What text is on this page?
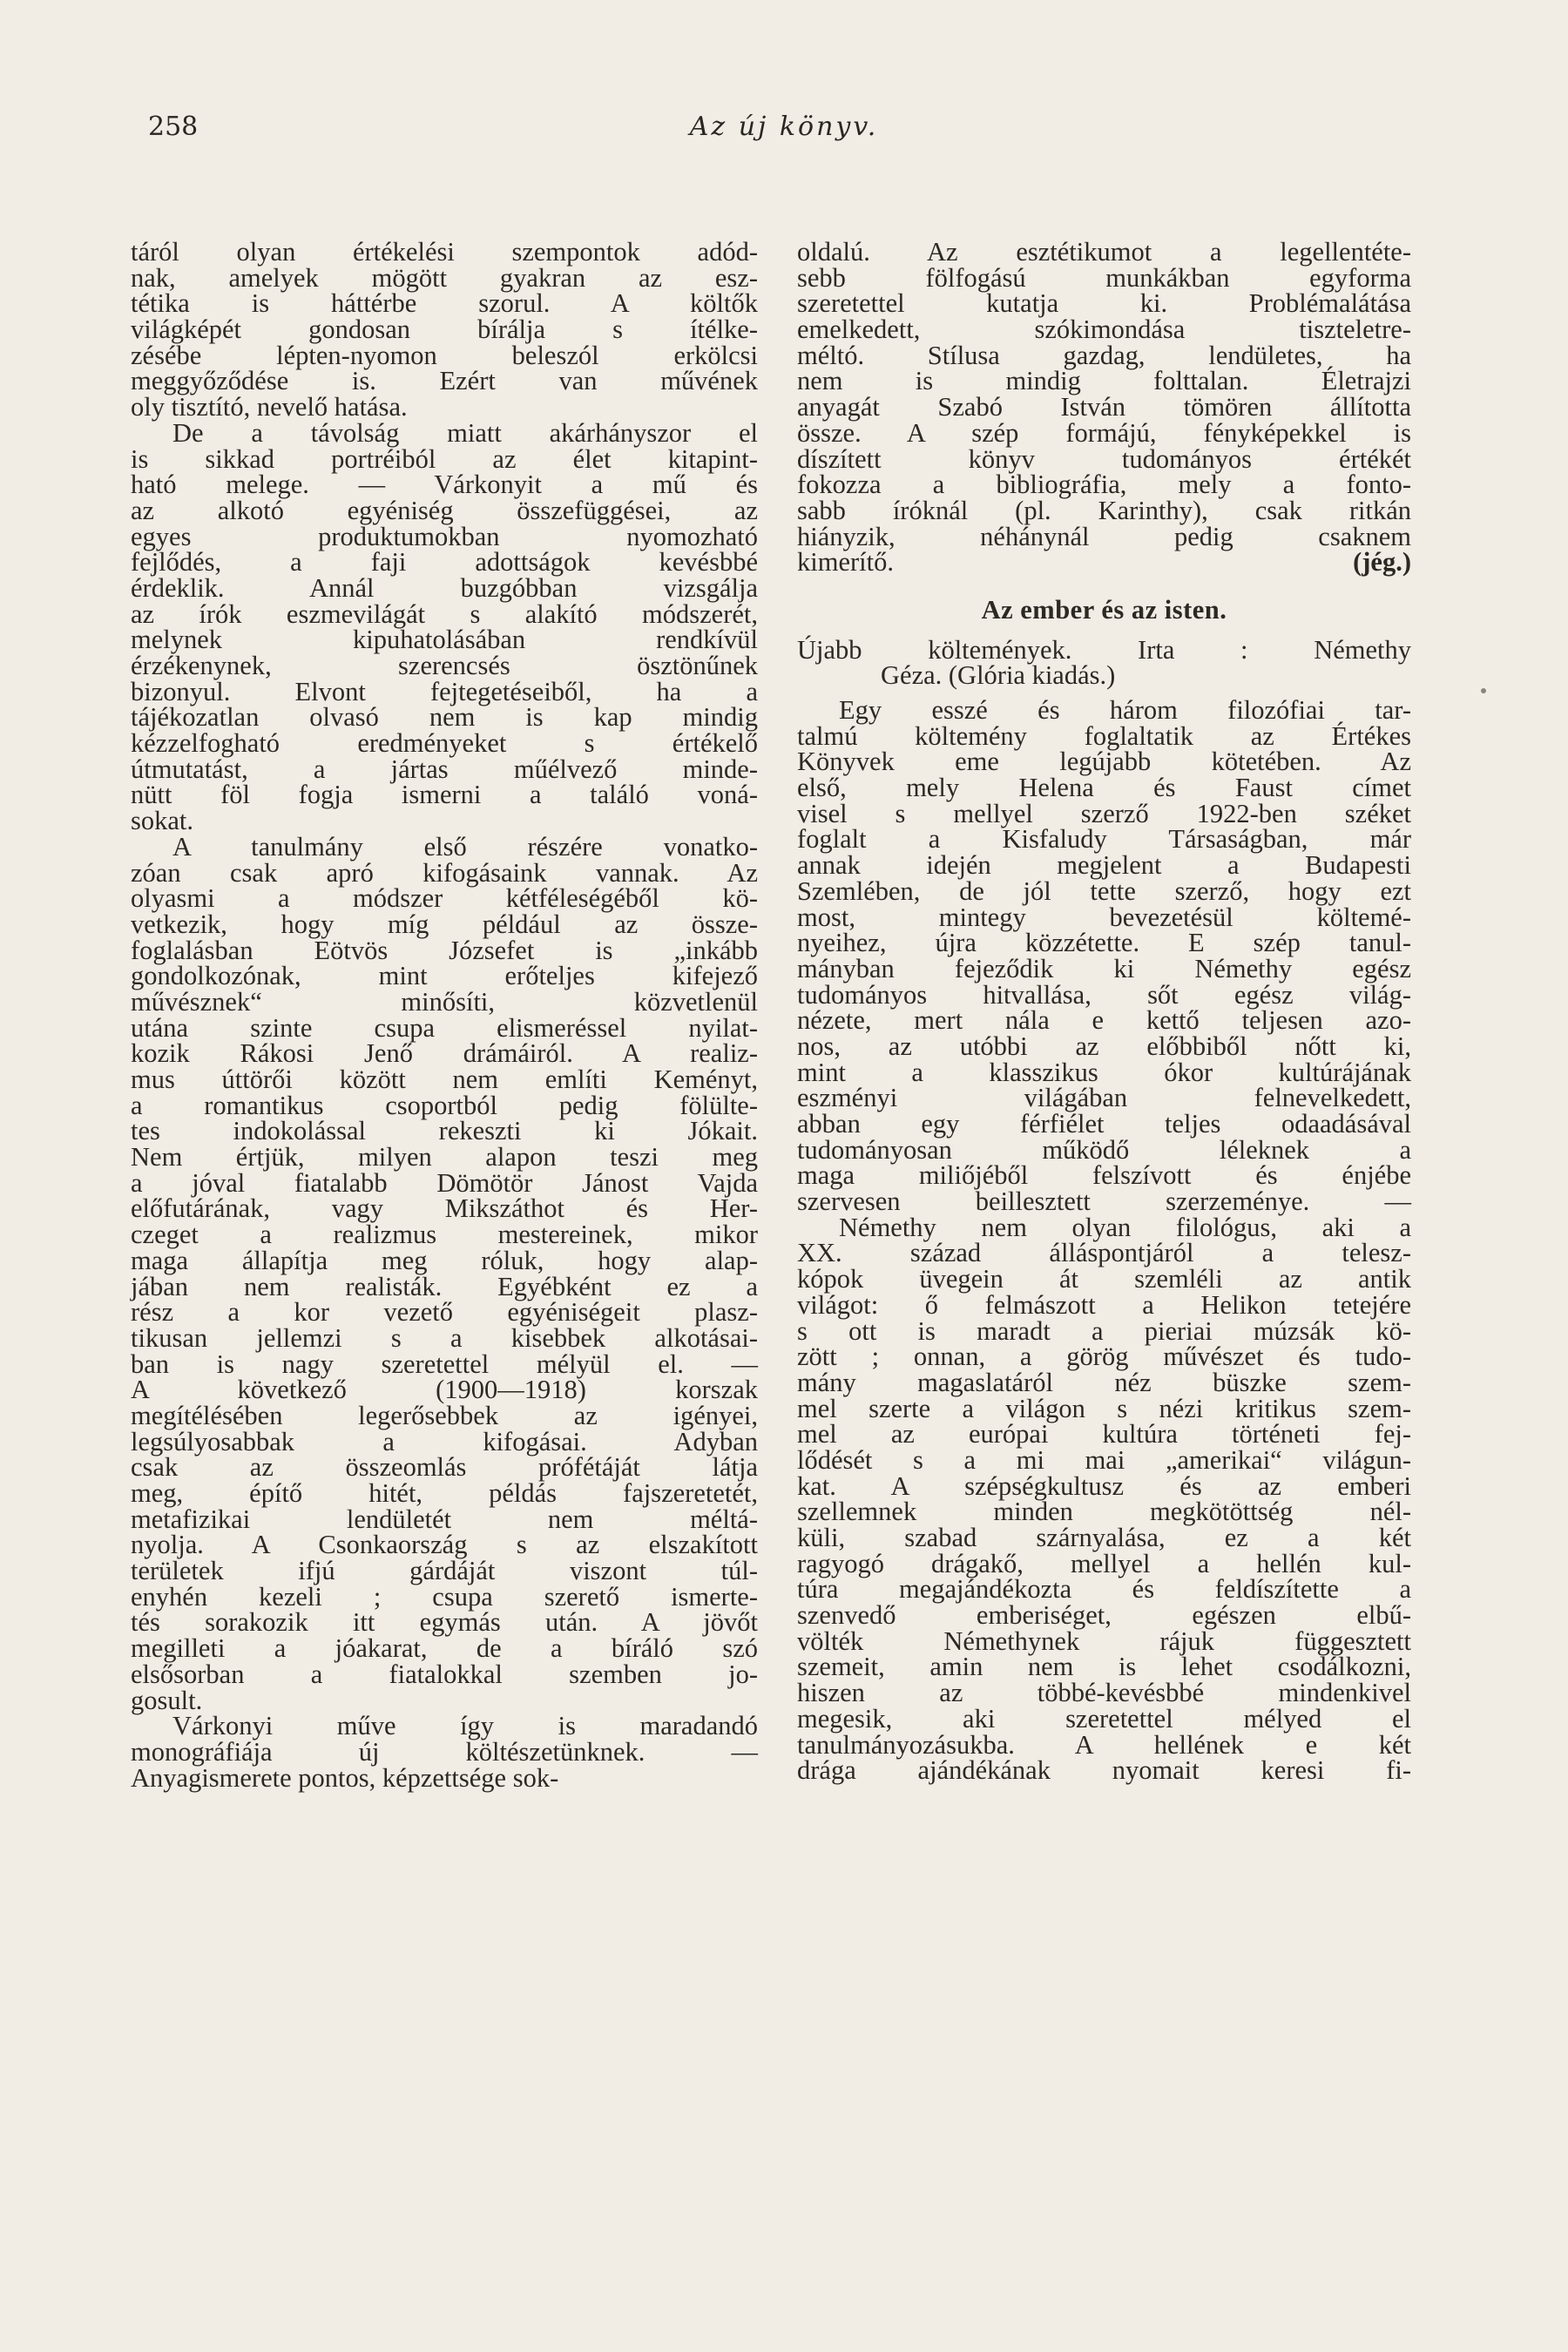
258	Az új könyv.
táról olyan értékelési szempontok adód-
nak, amelyek mögött gyakran az esz-
tétika is háttérbe szorul. A költők
világképét gondosan bírálja s ítélke-
zésébe lépten-nyomon beleszól erkölcsi
meggyőződése is. Ezért van művének
oly tisztító, nevelő hatása.
De a távolság miatt akárhányszor el
is sikkad portréiból az élet kitapint-
ható melege. — Várkonyit a mű és
az alkotó egyéniség összefüggései, az
egyes produktumokban nyomozható
fejlődés, a faji adottságok kevésbbé
érdeklik. Annál buzgóbban vizsgálja
az írók eszmevilágát s alakító módszerét,
melynek kipuhatolásában rendkívül
érzékenynek, szerencsés ösztönűnek
bizonyul. Elvont fejtegetéseiből, ha a
tájékozatlan olvasó nem is kap mindig
kézzelfogható eredményeket s értékelő
útmutatást, a jártas műélvező minde-
nütt föl fogja ismerni a találó voná-
sokat.
A tanulmány első részére vonatko-
zóan csak apró kifogásaink vannak. Az
olyasmi a módszer kétféleségéből kö-
vetkezik, hogy míg például az össze-
foglalásban Eötvös Józsefet is „inkább
gondolkozónak, mint erőteljes kifejező
művésznek“ minősíti, közvetlenül
utána szinte csupa elismeréssel nyilat-
kozik Rákosi Jenő drámáiról. A realiz-
mus úttörői között nem említi Keményt,
a romantikus csoportból pedig fölülte-
tes indokolással rekeszti ki Jókait.
Nem értjük, milyen alapon teszi meg
a jóval fiatalabb Dömötör Jánost Vajda
előfutárának, vagy Mikszáthot és Her-
czeget a realizmus mestereinek, mikor
maga állapítja meg róluk, hogy alap-
jában nem realisták. Egyébként ez a
rész a kor vezető egyéniségeit plasz-
tikusan jellemzi s a kisebbek alkotásai-
ban is nagy szeretettel mélyül el. —
A következő (1900—1918) korszak
megítélésében legerősebbek az igényei,
legsúlyosabbak a kifogásai. Adyban
csak az összeomlás prófétáját látja
meg, építő hitét, példás fajszeretetét,
metafizikai lendületét nem méltá-
nyolja. A Csonkaország s az elszakított
területek ifjú gárdáját viszont túl-
enyhén kezeli ; csupa szerető ismerte-
tés sorakozik itt egymás után. A jövőt
megilleti a jóakarat, de a bíráló szó
elsősorban a fiatalokkal szemben jo-
gosult.
Várkonyi műve így is maradandó
monográfiája új költészetünknek. —
Anyagismerete pontos, képzettsége sok-
oldalú. Az esztétikumot a legellentéte-
sebb fölfogású munkákban egyforma
szeretettel kutatja ki. Problémalátása
emelkedett, szókimondása tiszteletre-
méltó. Stílusa gazdag, lendületes, ha
nem is mindig folttalan. Életrajzi
anyagát Szabó István tömören állította
össze. A szép formájú, fényképekkel is
díszített könyv tudományos értékét
fokozza a bibliográfia, mely a fonto-
sabb íróknál (pl. Karinthy), csak ritkán
hiányzik, néhánynál pedig csaknem
kimerítő.	(jég.)
Az ember és az isten.
Újabb költemények. Irta : Némethy
Géza. (Glória kiadás.)
Egy esszé és három filozófiai tar-
talmú költemény foglaltatik az Értékes
Könyvek eme legújabb kötetében. Az
első, mely Helena és Faust címet
visel s mellyel szerző 1922-ben széket
foglalt a Kisfaludy Társaságban, már
annak idején megjelent a Budapesti
Szemlében, de jól tette szerző, hogy ezt
most, mintegy bevezetésül költemé-
nyeihez, újra közzétette. E szép tanul-
mányban fejeződik ki Némethy egész
tudományos hitvallása, sőt egész világ-
nézete, mert nála e kettő teljesen azo-
nos, az utóbbi az előbbiből nőtt ki,
mint a klasszikus ókor kultúrájának
eszményi világában felnevelkedett,
abban egy férfiélet teljes odaadásával
tudományosan működő léleknek a
maga miliőjéből felszívott és énjébe
szervesen beillesztett szerzeménye. —
Némethy nem olyan filológus, aki a
XX. század álláspontjáról a telesz-
kópok üvegein át szemléli az antik
világot: ő felmászott a Helikon tetejére
s ott is maradt a pieriai múzsák kö-
zött ; onnan, a görög művészet és tudo-
mány magaslatáról néz büszke szem-
mel szerte a világon s nézi kritikus szem-
mel az európai kultúra történeti fej-
lődését s a mi mai „amerikai“ világun-
kat. A szépségkultusz és az emberi
szellemnek minden megkötöttség nél-
küli, szabad szárnyalása, ez a két
ragyogó drágakő, mellyel a hellén kul-
túra megajándékozta és feldíszítette a
szenvedő emberiséget, egészen elbű-
völték Némethynek rájuk függesztett
szemeit, amin nem is lehet csodálkozni,
hiszen az többé-kevésbbé mindenkivel
megesik, aki szeretettel mélyed el
tanulmányozásukba. A hellének e két
drága ajándékának nyomait keresi fi-
